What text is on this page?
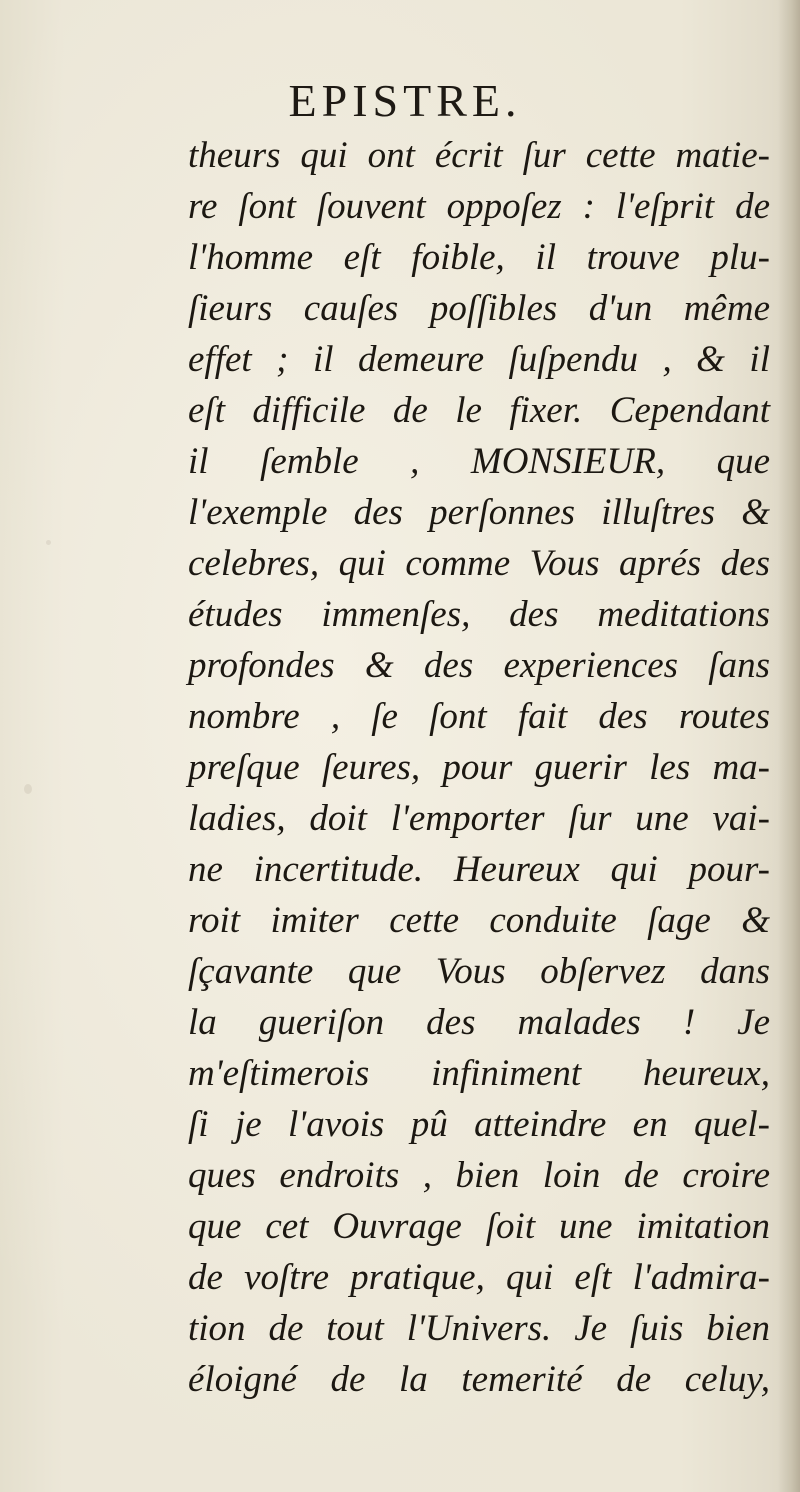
EPISTRE.
theurs qui ont écrit ſur cette matie-
re ſont ſouvent oppoſez : l'eſprit de
l'homme eſt foible, il trouve plu-
ſieurs cauſes poſſibles d'un même
effet ; il demeure ſuſpendu , & il
eſt difficile de le fixer. Cependant
il ſemble , MONSIEUR, que
l'exemple des perſonnes illuſtres &
celebres, qui comme Vous aprés des
études immenſes, des meditations
profondes & des experiences ſans
nombre , ſe ſont fait des routes
preſque ſeures, pour guerir les ma-
ladies, doit l'emporter ſur une vai-
ne incertitude. Heureux qui pour-
roit imiter cette conduite ſage &
ſçavante que Vous obſervez dans
la gueriſon des malades ! Je
m'eſtimerois infiniment heureux,
ſi je l'avois pû atteindre en quel-
ques endroits , bien loin de croire
que cet Ouvrage ſoit une imitation
de voſtre pratique, qui eſt l'admira-
tion de tout l'Univers. Je ſuis bien
éloigné de la temerité de celuy,
